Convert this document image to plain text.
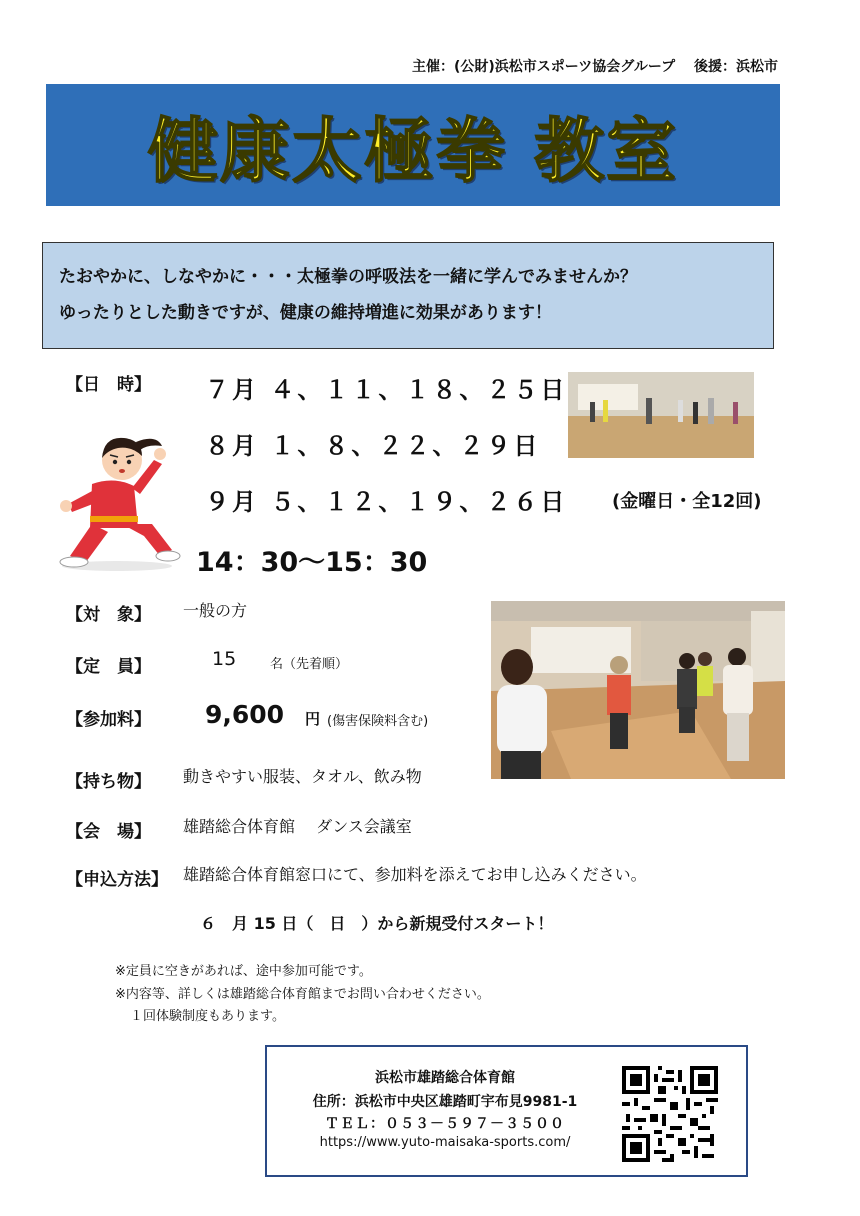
主催：(公財)浜松市スポーツ協会グループ　 後援：浜松市
健康太極拳 教室
たおやかに、しなやかに・・・太極拳の呼吸法を一緒に学んでみませんか？
ゆったりとした動きですが、健康の維持増進に効果があります！
【日　時】 ７月 ４、１１、１８、２５日
８月 １、８、２２、２９日
９月 ５、１２、１９、２６日 (金曜日・全12回)
14：30〜15：30
【対　象】 一般の方
【定　員】	15	名（先着順）
【参加料】 9,600 円 (傷害保険料含む)
【持ち物】 動きやすい服装、タオル、飲み物
【会　場】 雄踏総合体育館　 ダンス会議室
【申込方法】 雄踏総合体育館窓口にて、参加料を添えてお申し込みください。
６　月 15 日（　日　）から新規受付スタート！
※定員に空きがあれば、途中参加可能です。
※内容等、詳しくは雄踏総合体育館までお問い合わせください。
１回体験制度もあります。
浜松市雄踏総合体育館
住所：浜松市中央区雄踏町宇布見9981-1
ＴＥＬ：０５３－５９７－３５００
https://www.yuto-maisaka-sports.com/
